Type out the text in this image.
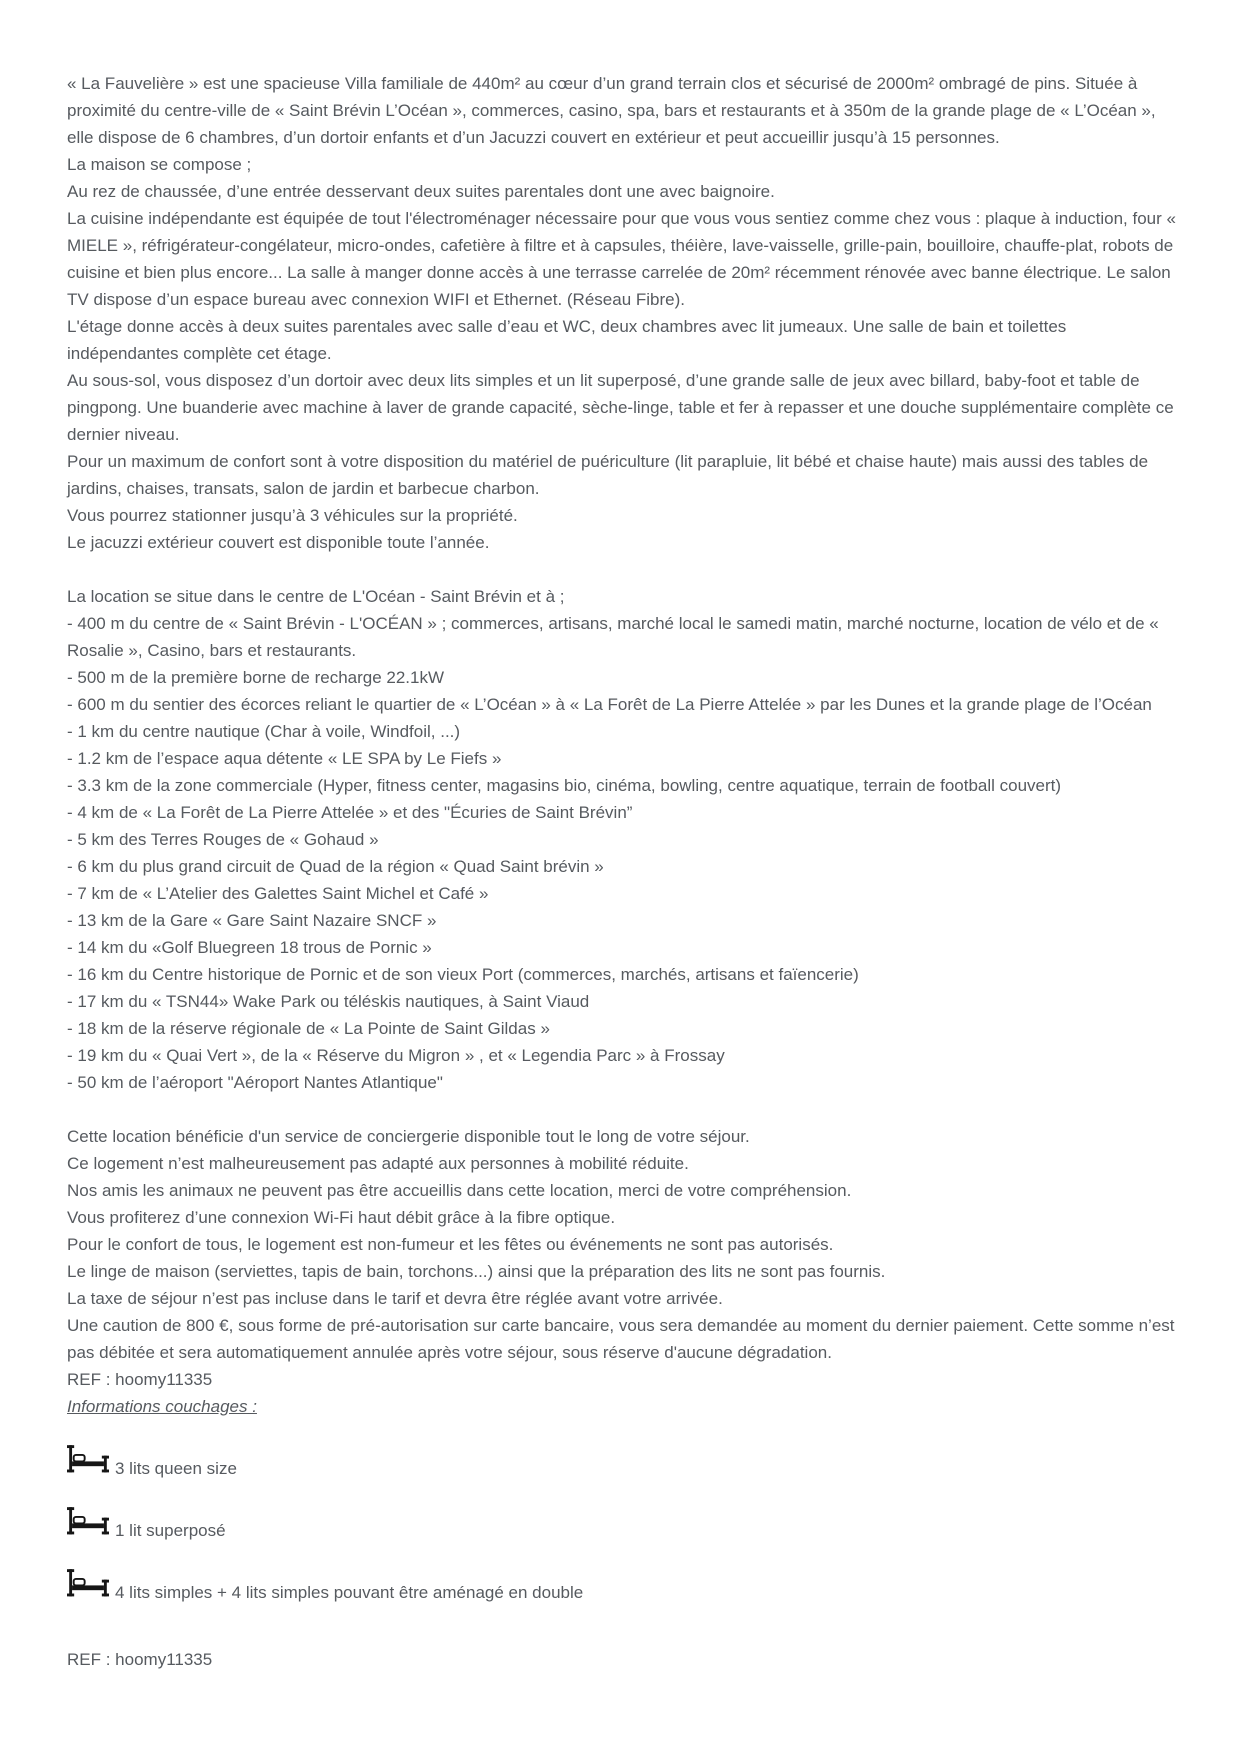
« La Fauvelière » est une spacieuse Villa familiale de 440m² au cœur d’un grand terrain clos et sécurisé de 2000m² ombragé de pins. Située à proximité du centre-ville de « Saint Brévin L’Océan », commerces, casino, spa, bars et restaurants et à 350m de la grande plage de « L’Océan », elle dispose de 6 chambres, d’un dortoir enfants et d’un Jacuzzi couvert en extérieur et peut accueillir jusqu’à 15 personnes.
La maison se compose ;
Au rez de chaussée, d’une entrée desservant deux suites parentales dont une avec baignoire.
La cuisine indépendante est équipée de tout l'électroménager nécessaire pour que vous vous sentiez comme chez vous : plaque à induction, four « MIELE », réfrigérateur-congélateur, micro-ondes, cafetière à filtre et à capsules, théière, lave-vaisselle, grille-pain, bouilloire, chauffe-plat, robots de cuisine et bien plus encore... La salle à manger donne accès à une terrasse carrelée de 20m² récemment rénovée avec banne électrique. Le salon TV dispose d’un espace bureau avec connexion WIFI et Ethernet. (Réseau Fibre).
L'étage donne accès à deux suites parentales avec salle d’eau et WC, deux chambres avec lit jumeaux. Une salle de bain et toilettes indépendantes complète cet étage.
Au sous-sol, vous disposez d’un dortoir avec deux lits simples et un lit superposé, d’une grande salle de jeux avec billard, baby-foot et table de pingpong. Une buanderie avec machine à laver de grande capacité, sèche-linge, table et fer à repasser et une douche supplémentaire complète ce dernier niveau.
Pour un maximum de confort sont à votre disposition du matériel de puériculture (lit parapluie, lit bébé et chaise haute) mais aussi des tables de jardins, chaises, transats, salon de jardin et barbecue charbon.
Vous pourrez stationner jusqu’à 3 véhicules sur la propriété.
Le jacuzzi extérieur couvert est disponible toute l’année.
La location se situe dans le centre de L'Océan - Saint Brévin et à ;
- 400 m du centre de « Saint Brévin - L'OCÉAN » ; commerces, artisans, marché local le samedi matin, marché nocturne, location de vélo et de « Rosalie », Casino, bars et restaurants.
- 500 m de la première borne de recharge 22.1kW
- 600 m du sentier des écorces reliant le quartier de « L’Océan » à « La Forêt de La Pierre Attelée » par les Dunes et la grande plage de l’Océan
- 1 km du centre nautique (Char à voile, Windfoil, ...)
- 1.2 km de l’espace aqua détente « LE SPA by Le Fiefs »
- 3.3 km de la zone commerciale (Hyper, fitness center, magasins bio, cinéma, bowling, centre aquatique, terrain de football couvert)
- 4 km de « La Forêt de La Pierre Attelée » et des "Écuries de Saint Brévin”
- 5 km des Terres Rouges de « Gohaud »
- 6 km du plus grand circuit de Quad de la région « Quad Saint brévin »
- 7 km de « L’Atelier des Galettes Saint Michel et Café »
- 13 km de la Gare « Gare Saint Nazaire SNCF »
- 14 km du «Golf Bluegreen 18 trous de Pornic »
- 16 km du Centre historique de Pornic et de son vieux Port (commerces, marchés, artisans et faïencerie)
- 17 km du « TSN44» Wake Park ou téléskis nautiques, à Saint Viaud
- 18 km de la réserve régionale de « La Pointe de Saint Gildas »
- 19 km du « Quai Vert », de la « Réserve du Migron » , et « Legendia Parc » à Frossay
- 50 km de l’aéroport "Aéroport Nantes Atlantique"
Cette location bénéficie d'un service de conciergerie disponible tout le long de votre séjour.
Ce logement n’est malheureusement pas adapté aux personnes à mobilité réduite.
Nos amis les animaux ne peuvent pas être accueillis dans cette location, merci de votre compréhension.
Vous profiterez d’une connexion Wi-Fi haut débit grâce à la fibre optique.
Pour le confort de tous, le logement est non-fumeur et les fêtes ou événements ne sont pas autorisés.
Le linge de maison (serviettes, tapis de bain, torchons...) ainsi que la préparation des lits ne sont pas fournis.
La taxe de séjour n’est pas incluse dans le tarif et devra être réglée avant votre arrivée.
Une caution de 800 €, sous forme de pré-autorisation sur carte bancaire, vous sera demandée au moment du dernier paiement. Cette somme n’est pas débitée et sera automatiquement annulée après votre séjour, sous réserve d'aucune dégradation.
REF : hoomy11335
Informations couchages :
3 lits queen size
1 lit superposé
4 lits simples + 4 lits simples pouvant être aménagé en double
REF : hoomy11335
